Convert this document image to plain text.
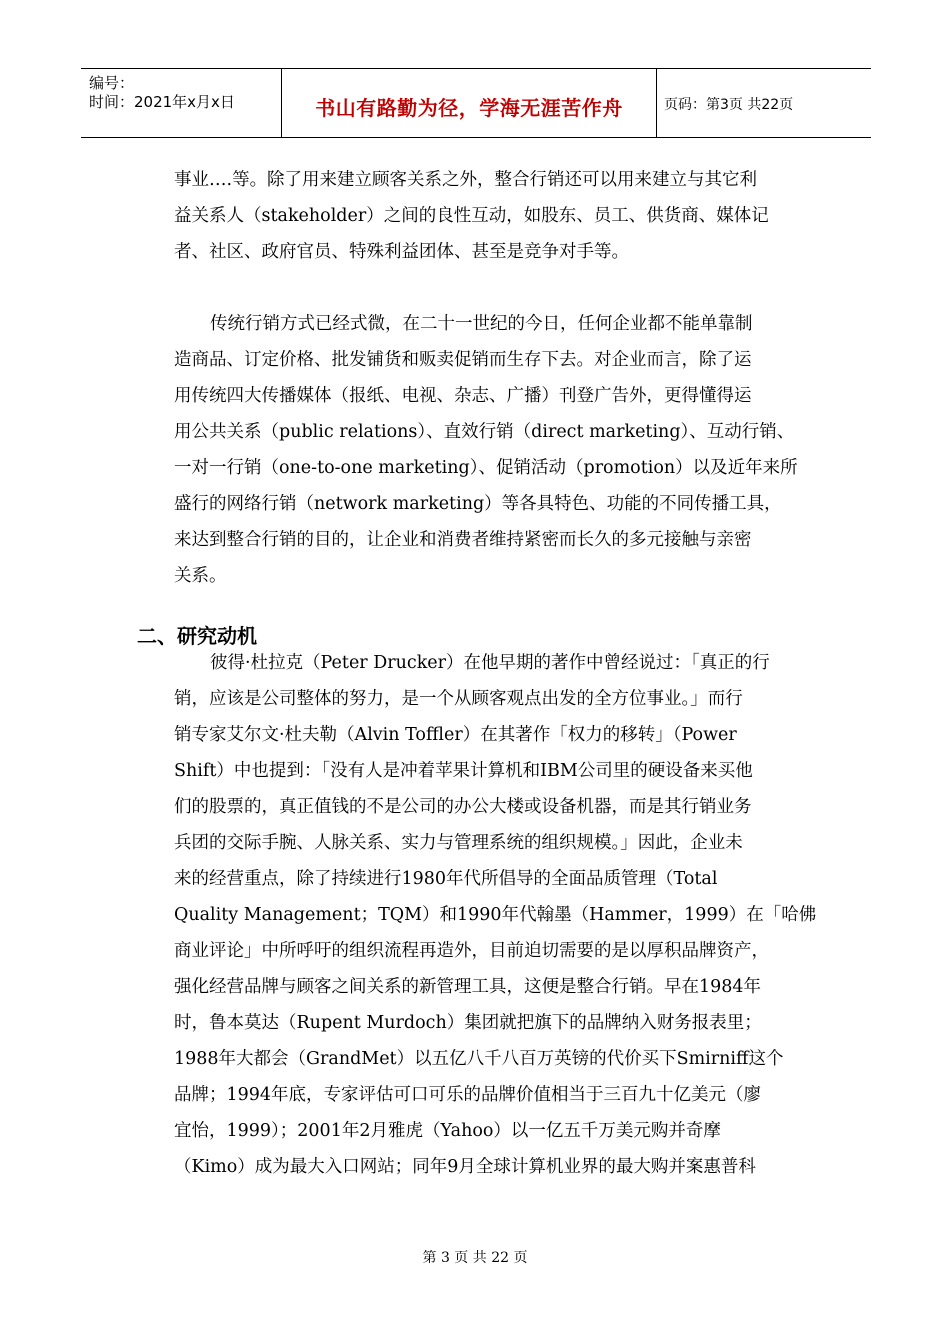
编号：
时间：2021年x月x日	书山有路勤为径，学海无涯苦作舟	页码：第3页 共22页
事业….等。除了用来建立顾客关系之外，整合行销还可以用来建立与其它利
益关系人（stakeholder）之间的良性互动，如股东、员工、供货商、媒体记
者、社区、政府官员、特殊利益团体、甚至是竞争对手等。
传统行销方式已经式微，在二十一世纪的今日，任何企业都不能单靠制
造商品、订定价格、批发铺货和贩卖促销而生存下去。对企业而言，除了运
用传统四大传播媒体（报纸、电视、杂志、广播）刊登广告外，更得懂得运
用公共关系（public relations）、直效行销（direct marketing）、互动行销、
一对一行销（one-to-one marketing）、促销活动（promotion）以及近年来所
盛行的网络行销（network marketing）等各具特色、功能的不同传播工具，
来达到整合行销的目的，让企业和消费者维持紧密而长久的多元接触与亲密
关系。
二、研究动机
彼得·杜拉克（Peter Drucker）在他早期的著作中曾经说过：「真正的行
销，应该是公司整体的努力，是一个从顾客观点出发的全方位事业。」而行
销专家艾尔文·杜夫勒（Alvin Toffler）在其著作「权力的移转」（Power
Shift）中也提到：「没有人是冲着苹果计算机和IBM公司里的硬设备来买他
们的股票的，真正值钱的不是公司的办公大楼或设备机器，而是其行销业务
兵团的交际手腕、人脉关系、实力与管理系统的组织规模。」因此，企业未
来的经营重点，除了持续进行1980年代所倡导的全面品质管理（Total
Quality Management；TQM）和1990年代翰墨（Hammer，1999）在「哈佛
商业评论」中所呼吁的组织流程再造外，目前迫切需要的是以厚积品牌资产，
强化经营品牌与顾客之间关系的新管理工具，这便是整合行销。早在1984年
时，鲁本莫达（Rupent Murdoch）集团就把旗下的品牌纳入财务报表里；
1988年大都会（GrandMet）以五亿八千八百万英镑的代价买下Smirniff这个
品牌；1994年底，专家评估可口可乐的品牌价值相当于三百九十亿美元（廖
宜怡，1999）；2001年2月雅虎（Yahoo）以一亿五千万美元购并奇摩
（Kimo）成为最大入口网站；同年9月全球计算机业界的最大购并案惠普科
第 3 页 共 22 页
